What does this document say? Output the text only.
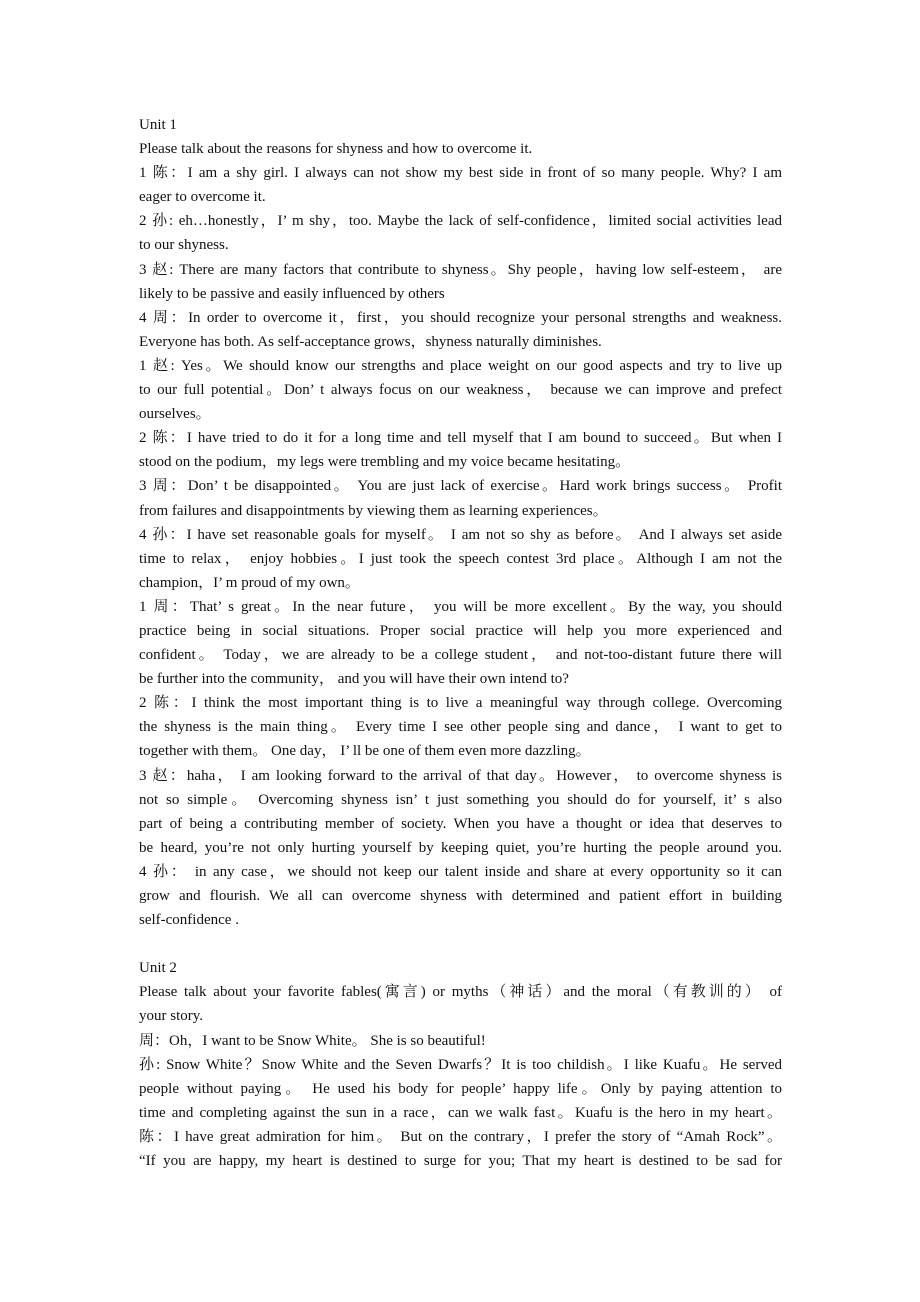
Unit 1
Please talk about the reasons for shyness and how to overcome it.
1 陈：I am a shy girl. I always can not show my best side in front of so many people. Why? I am
eager to overcome it.
2 孙: eh…honestly，I’ m shy，too. Maybe the lack of self-confidence，limited social activities lead
to our shyness.
3 赵: There are many factors that contribute to shyness。Shy people，having low self-esteem， are
likely to be passive and easily influenced by others
4 周：In order to overcome it，first，you should recognize your personal strengths and weakness.
Everyone has both. As self-acceptance grows，shyness naturally diminishes.
1 赵: Yes。We should know our strengths and place weight on our good aspects and try to live up
to our full potential。Don’ t always focus on our weakness， because we can improve and prefect
ourselves。
2 陈：I have tried to do it for a long time and tell myself that I am bound to succeed。But when I
stood on the podium，my legs were trembling and my voice became hesitating。
3 周：Don’ t be disappointed。 You are just lack of exercise。Hard work brings success。 Profit
from failures and disappointments by viewing them as learning experiences。
4 孙：I have set reasonable goals for myself。 I am not so shy as before。 And I always set aside
time to relax， enjoy hobbies。I just took the speech contest 3rd place。Although I am not the
champion，I’ m proud of my own。
1 周：That’ s great。In the near future， you will be more excellent。By the way, you should
practice being in social situations. Proper social practice will help you more experienced and
confident。 Today，we are already to be a college student， and not-too-distant future there will
be further into the community， and you will have their own intend to?
2 陈：I think the most important thing is to live a meaningful way through college. Overcoming
the shyness is the main thing。 Every time I see other people sing and dance， I want to get to
together with them。 One day， I’ ll be one of them even more dazzling。
3 赵：haha， I am looking forward to the arrival of that day。However， to overcome shyness is
not so simple。 Overcoming shyness isn’ t just something you should do for yourself, it’ s also
part of being a contributing member of society. When you have a thought or idea that deserves to
be heard, you’re not only hurting yourself by keeping quiet, you’re hurting the people around you.
4 孙： in any case，we should not keep our talent inside and share at every opportunity so it can
grow and flourish. We all can overcome shyness with determined and patient effort in building
self-confidence .
Unit 2
Please talk about your favorite fables(寓言) or myths（神话）and the moral（有教训的） of
your story.
周：Oh，I want to be Snow White。 She is so beautiful!
孙: Snow White？Snow White and the Seven Dwarfs？It is too childish。I like Kuafu。He served
people without paying。 He used his body for people’ happy life。Only by paying attention to
time and completing against the sun in a race，can we walk fast。Kuafu is the hero in my heart。
陈：I have great admiration for him。 But on the contrary，I prefer the story of “Amah Rock”。
“If you are happy, my heart is destined to surge for you; That my heart is destined to be sad for
